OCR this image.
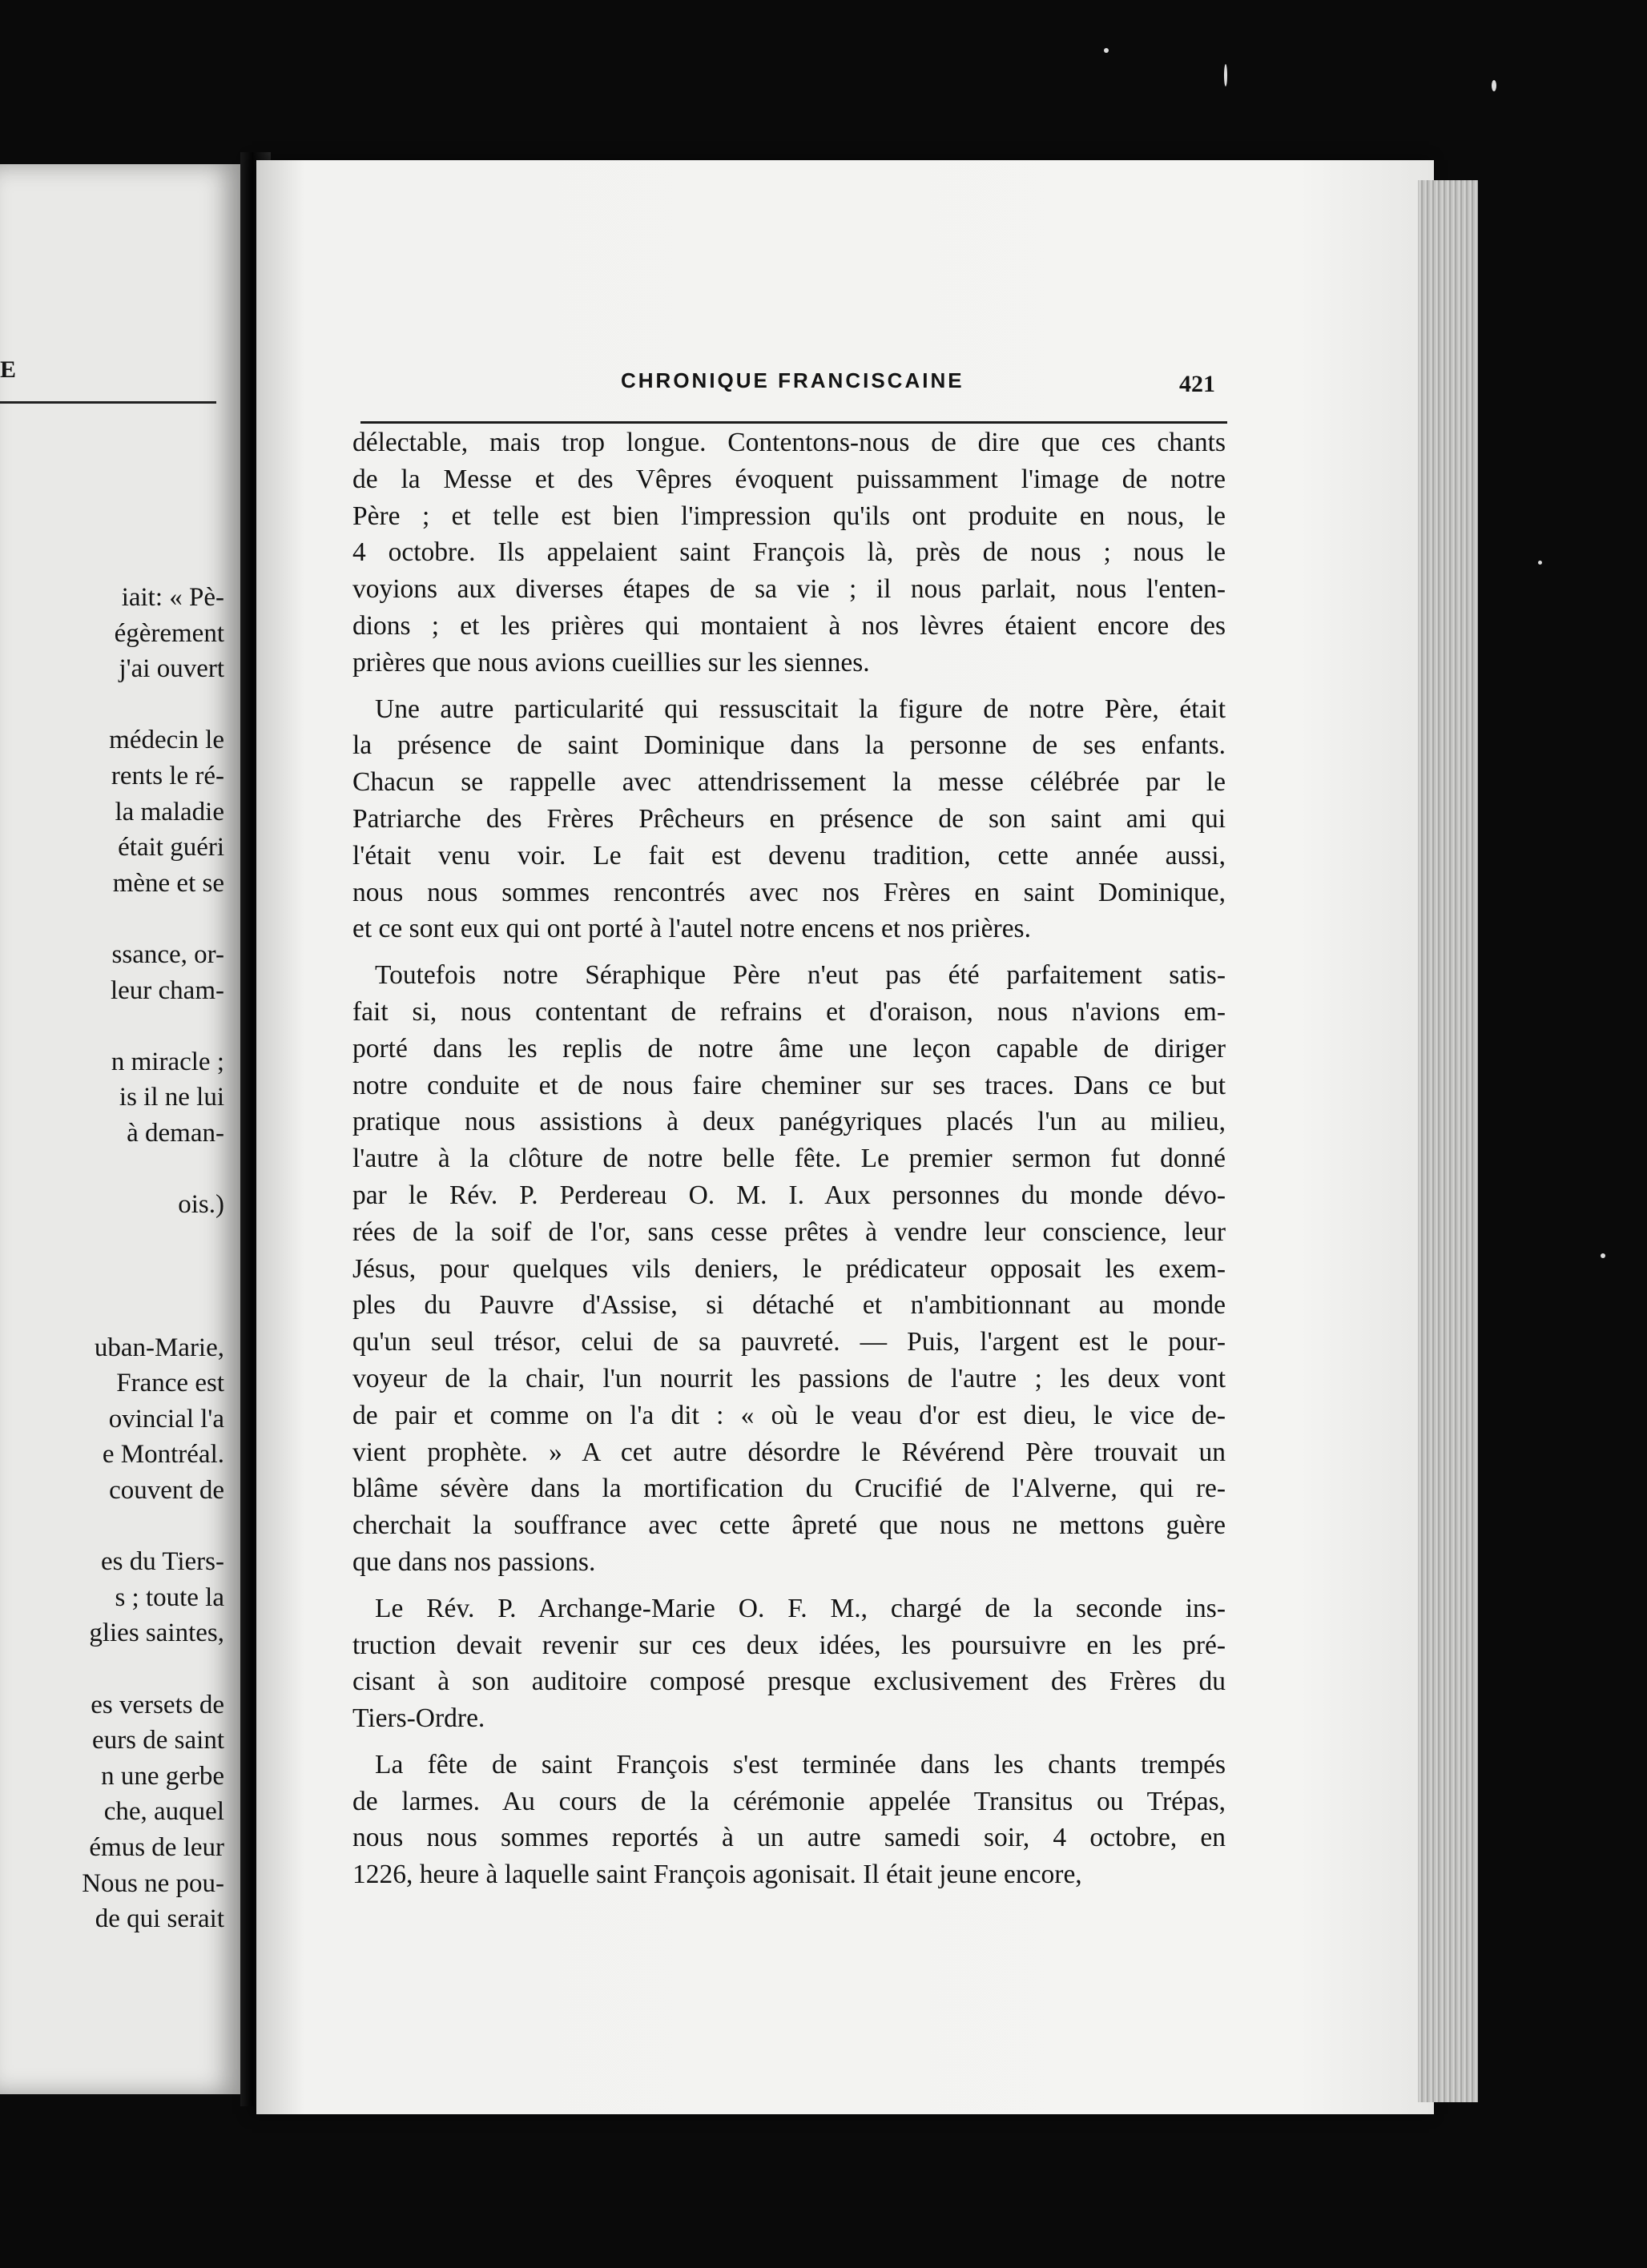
E
iait: « Pè-
égèrement
j'ai ouvert
médecin le
rents le ré-
la maladie
était guéri
mène et se
ssance, or-
leur cham-
n miracle ;
is il ne lui
à deman-
ois.)
uban-Marie,
France est
ovincial l'a
e Montréal.
couvent de
es du Tiers-
s ; toute la
glies saintes,
es versets de
eurs de saint
n une gerbe
che, auquel
émus de leur
Nous ne pou-
de qui serait
CHRONIQUE FRANCISCAINE	421

délectable, mais trop longue. Contentons-nous de dire que ces chants
de la Messe et des Vêpres évoquent puissamment l'image de notre
Père ; et telle est bien l'impression qu'ils ont produite en nous, le
4 octobre. Ils appelaient saint François là, près de nous ; nous le
voyions aux diverses étapes de sa vie ; il nous parlait, nous l'enten-
dions ; et les prières qui montaient à nos lèvres étaient encore des
prières que nous avions cueillies sur les siennes.

Une autre particularité qui ressuscitait la figure de notre Père, était
la présence de saint Dominique dans la personne de ses enfants.
Chacun se rappelle avec attendrissement la messe célébrée par le
Patriarche des Frères Prêcheurs en présence de son saint ami qui
l'était venu voir. Le fait est devenu tradition, cette année aussi,
nous nous sommes rencontrés avec nos Frères en saint Dominique,
et ce sont eux qui ont porté à l'autel notre encens et nos prières.

Toutefois notre Séraphique Père n'eut pas été parfaitement satis-
fait si, nous contentant de refrains et d'oraison, nous n'avions em-
porté dans les replis de notre âme une leçon capable de diriger
notre conduite et de nous faire cheminer sur ses traces. Dans ce but
pratique nous assistions à deux panégyriques placés l'un au milieu,
l'autre à la clôture de notre belle fête. Le premier sermon fut donné
par le Rév. P. Perdereau O. M. I. Aux personnes du monde dévo-
rées de la soif de l'or, sans cesse prêtes à vendre leur conscience, leur
Jésus, pour quelques vils deniers, le prédicateur opposait les exem-
ples du Pauvre d'Assise, si détaché et n'ambitionnant au monde
qu'un seul trésor, celui de sa pauvreté. — Puis, l'argent est le pour-
voyeur de la chair, l'un nourrit les passions de l'autre ; les deux vont
de pair et comme on l'a dit : « où le veau d'or est dieu, le vice de-
vient prophète. » A cet autre désordre le Révérend Père trouvait un
blâme sévère dans la mortification du Crucifié de l'Alverne, qui re-
cherchait la souffrance avec cette âpreté que nous ne mettons guère
que dans nos passions.

Le Rév. P. Archange-Marie O. F. M., chargé de la seconde ins-
truction devait revenir sur ces deux idées, les poursuivre en les pré-
cisant à son auditoire composé presque exclusivement des Frères du
Tiers-Ordre.

La fête de saint François s'est terminée dans les chants trempés
de larmes. Au cours de la cérémonie appelée Transitus ou Trépas,
nous nous sommes reportés à un autre samedi soir, 4 octobre, en
1226, heure à laquelle saint François agonisait. Il était jeune encore,
